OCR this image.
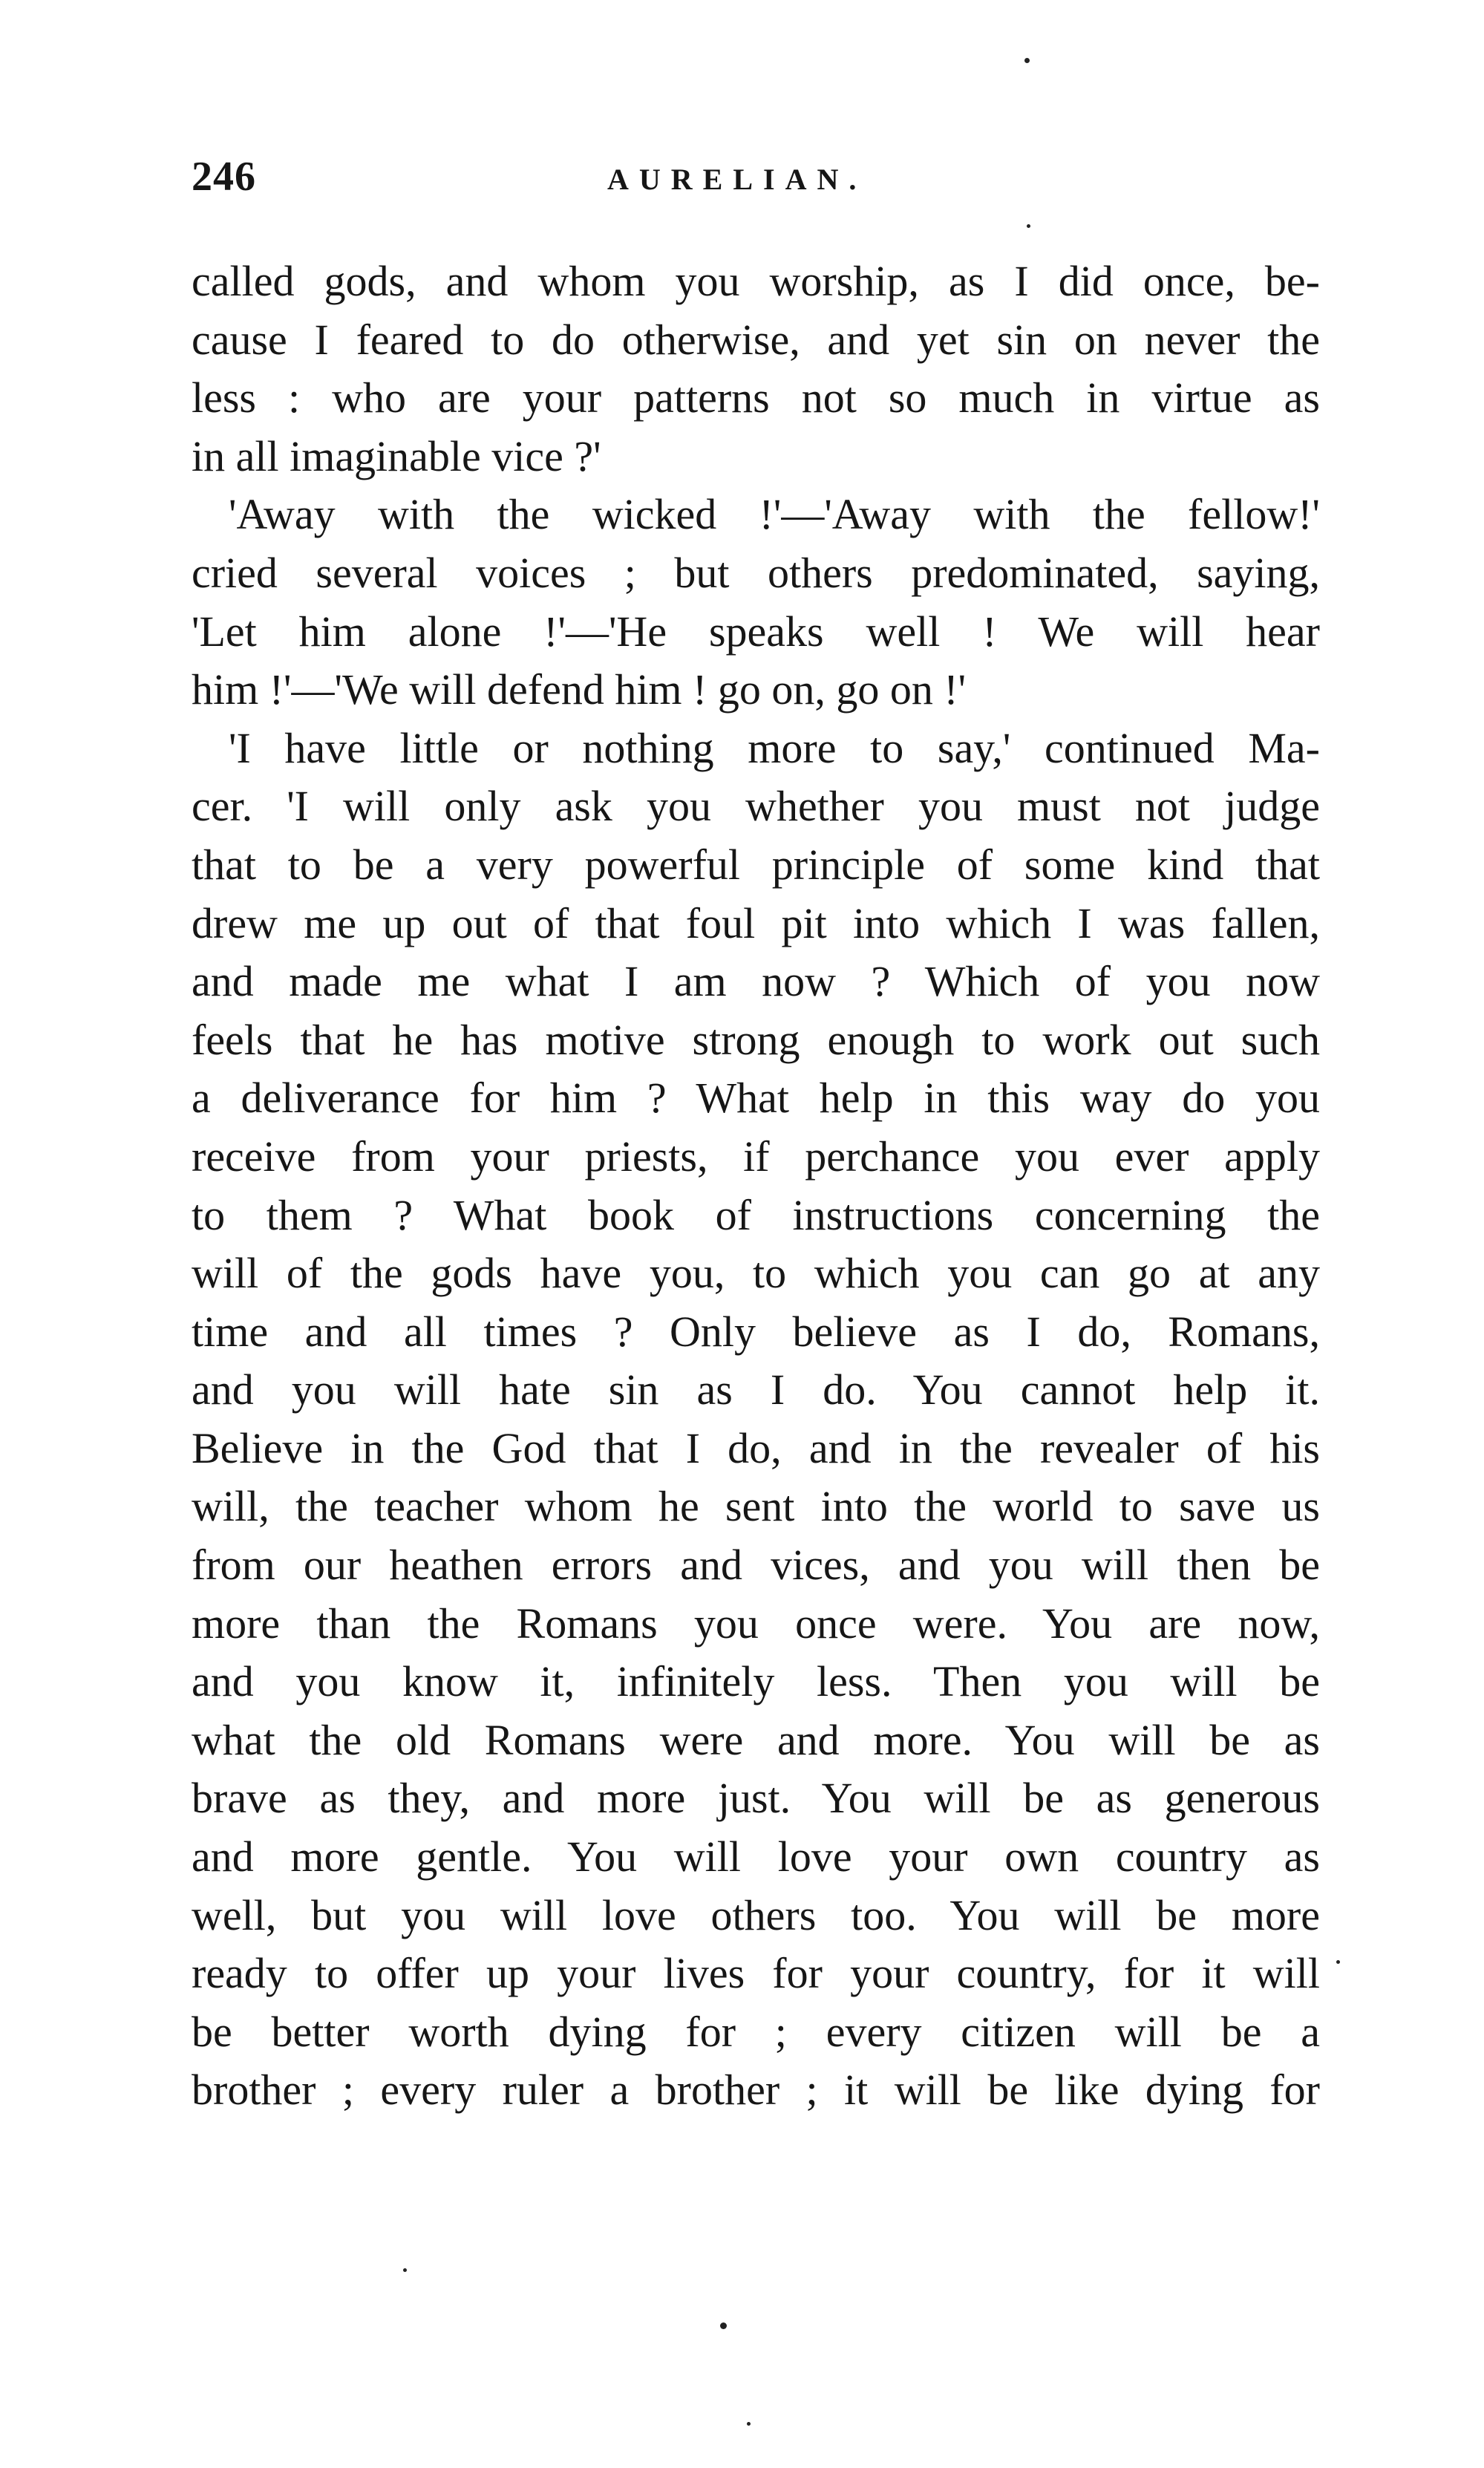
246	AURELIAN.
called gods, and whom you worship, as I did once, be-
cause I feared to do otherwise, and yet sin on never the
less : who are your patterns not so much in virtue as
in all imaginable vice ?'
'Away with the wicked !'—'Away with the fellow!'
cried several voices ; but others predominated, saying,
'Let him alone !'—'He speaks well ! We will hear
him !'—'We will defend him ! go on, go on !'
'I have little or nothing more to say,' continued Ma-
cer. 'I will only ask you whether you must not judge
that to be a very powerful principle of some kind that
drew me up out of that foul pit into which I was fallen,
and made me what I am now ? Which of you now
feels that he has motive strong enough to work out such
a deliverance for him ? What help in this way do you
receive from your priests, if perchance you ever apply
to them ? What book of instructions concerning the
will of the gods have you, to which you can go at any
time and all times ? Only believe as I do, Romans,
and you will hate sin as I do. You cannot help it.
Believe in the God that I do, and in the revealer of his
will, the teacher whom he sent into the world to save us
from our heathen errors and vices, and you will then be
more than the Romans you once were. You are now,
and you know it, infinitely less. Then you will be
what the old Romans were and more. You will be as
brave as they, and more just. You will be as generous
and more gentle. You will love your own country as
well, but you will love others too. You will be more
ready to offer up your lives for your country, for it will
be better worth dying for ; every citizen will be a
brother ; every ruler a brother ; it will be like dying for
